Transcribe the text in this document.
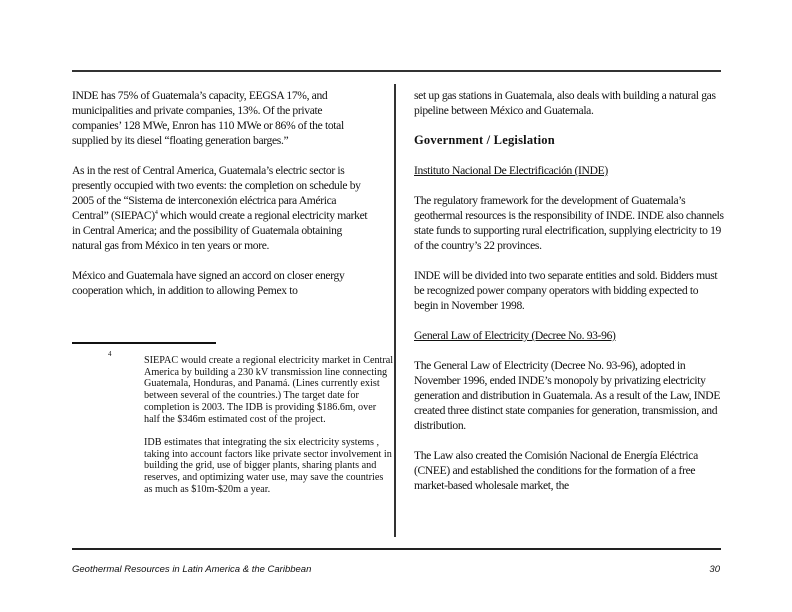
INDE has 75% of Guatemala’s capacity, EEGSA 17%, and municipalities and private companies, 13%. Of the private companies’ 128 MWe, Enron has 110 MWe or 86% of the total supplied by its diesel “floating generation barges.”

As in the rest of Central America, Guatemala’s electric sector is presently occupied with two events: the completion on schedule by 2005 of the “Sistema de interconexión eléctrica para América Central” (SIEPAC)$^4$ which would create a regional electricity market in Central America; and the possibility of Guatemala obtaining natural gas from México in ten years or more.

México and Guatemala have signed an accord on closer energy cooperation which, in addition to allowing Pemex to

4

SIEPAC would create a regional electricity market in Central America by building a 230 kV transmission line connecting Guatemala, Honduras, and Panamá. (Lines currently exist between several of the countries.) The target date for completion is 2003. The IDB is providing $186.6m, over half the $346m estimated cost of the project.

IDB estimates that integrating the six electricity systems , taking into account factors like private sector involvement in building the grid, use of bigger plants, sharing plants and reserves, and optimizing water use, may save the countries as much as $10m-$20m a year.

set up gas stations in Guatemala, also deals with building a natural gas pipeline between México and Guatemala.

Government / Legislation
Instituto Nacional De Electrificación (INDE)

The regulatory framework for the development of Guatemala’s geothermal resources is the responsibility of INDE. INDE also channels state funds to supporting rural electrification, supplying electricity to 19 of the country’s 22 provinces.

INDE will be divided into two separate entities and sold. Bidders must be recognized power company operators with bidding expected to begin in November 1998.

General Law of Electricity (Decree No. 93-96)

The General Law of Electricity (Decree No. 93-96), adopted in November 1996, ended INDE’s monopoly by privatizing electricity generation and distribution in Guatemala. As a result of the Law, INDE created three distinct state companies for generation, transmission, and distribution.

The Law also created the Comisión Nacional de Energía Eléctrica (CNEE) and established the conditions for the formation of a free market-based wholesale market, the

Geothermal Resources in Latin America & the Caribbean	30
